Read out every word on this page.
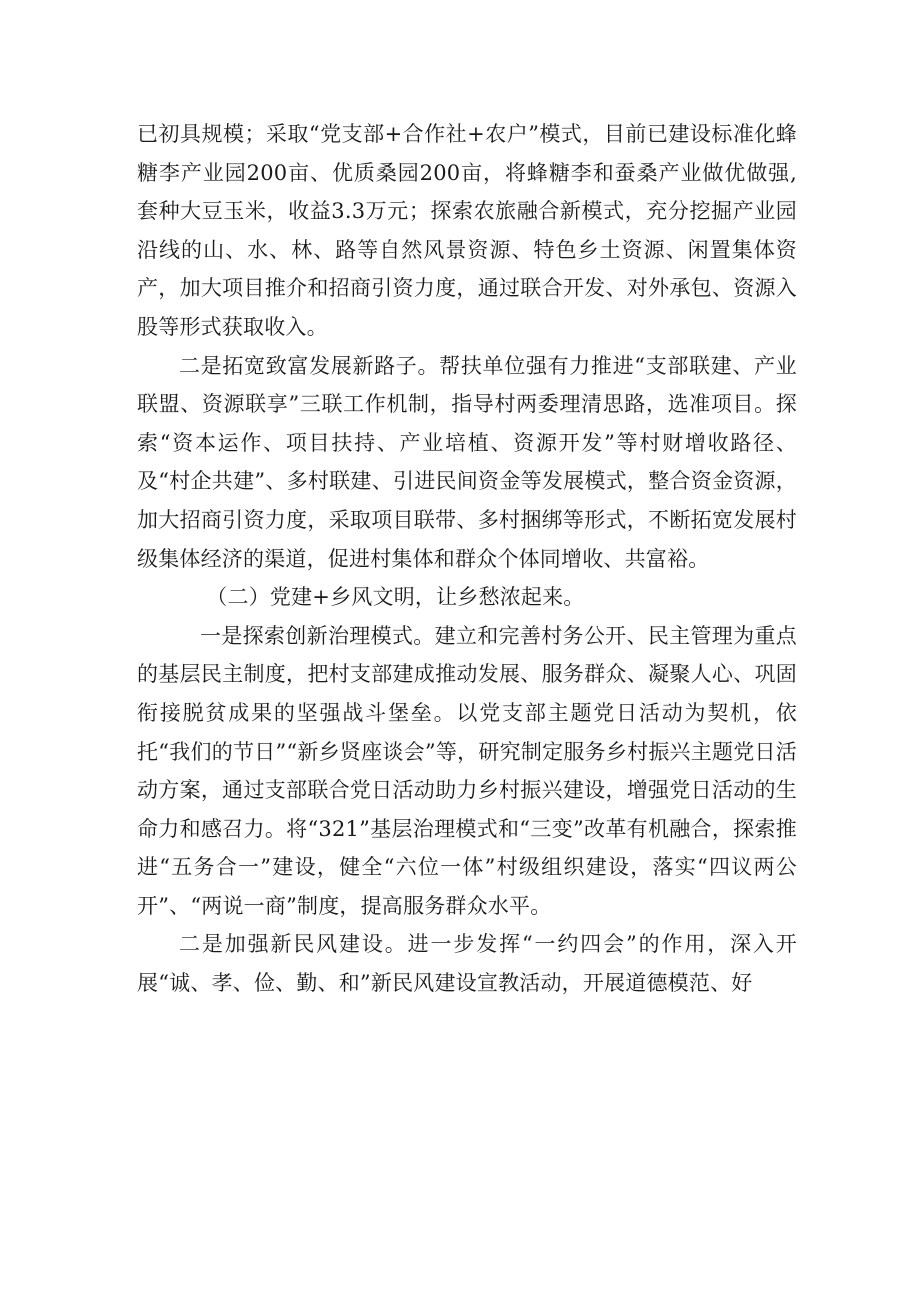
已初具规模；采取“党支部+合作社+农户”模式，目前已建设标准化蜂糖李产业园200亩、优质桑园200亩，将蜂糖李和蚕桑产业做优做强,套种大豆玉米，收益3.3万元；探索农旅融合新模式，充分挖掘产业园沿线的山、水、林、路等自然风景资源、特色乡土资源、闲置集体资产，加大项目推介和招商引资力度，通过联合开发、对外承包、资源入股等形式获取收入。

二是拓宽致富发展新路子。帮扶单位强有力推进“支部联建、产业联盟、资源联享”三联工作机制，指导村两委理清思路，选准项目。探索“资本运作、项目扶持、产业培植、资源开发”等村财增收路径、及“村企共建”、多村联建、引进民间资金等发展模式，整合资金资源，加大招商引资力度，采取项目联带、多村捆绑等形式，不断拓宽发展村级集体经济的渠道，促进村集体和群众个体同增收、共富裕。

（二）党建+乡风文明，让乡愁浓起来。

一是探索创新治理模式。建立和完善村务公开、民主管理为重点的基层民主制度，把村支部建成推动发展、服务群众、凝聚人心、巩固衔接脱贫成果的坚强战斗堡垒。以党支部主题党日活动为契机，依托“我们的节日”“新乡贤座谈会”等，研究制定服务乡村振兴主题党日活动方案，通过支部联合党日活动助力乡村振兴建设，增强党日活动的生命力和感召力。将“321”基层治理模式和“三变”改革有机融合，探索推进“五务合一”建设，健全“六位一体”村级组织建设，落实“四议两公开”、“两说一商”制度，提高服务群众水平。

二是加强新民风建设。进一步发挥“一约四会”的作用，深入开展“诚、孝、俭、勤、和”新民风建设宣教活动，开展道德模范、好
